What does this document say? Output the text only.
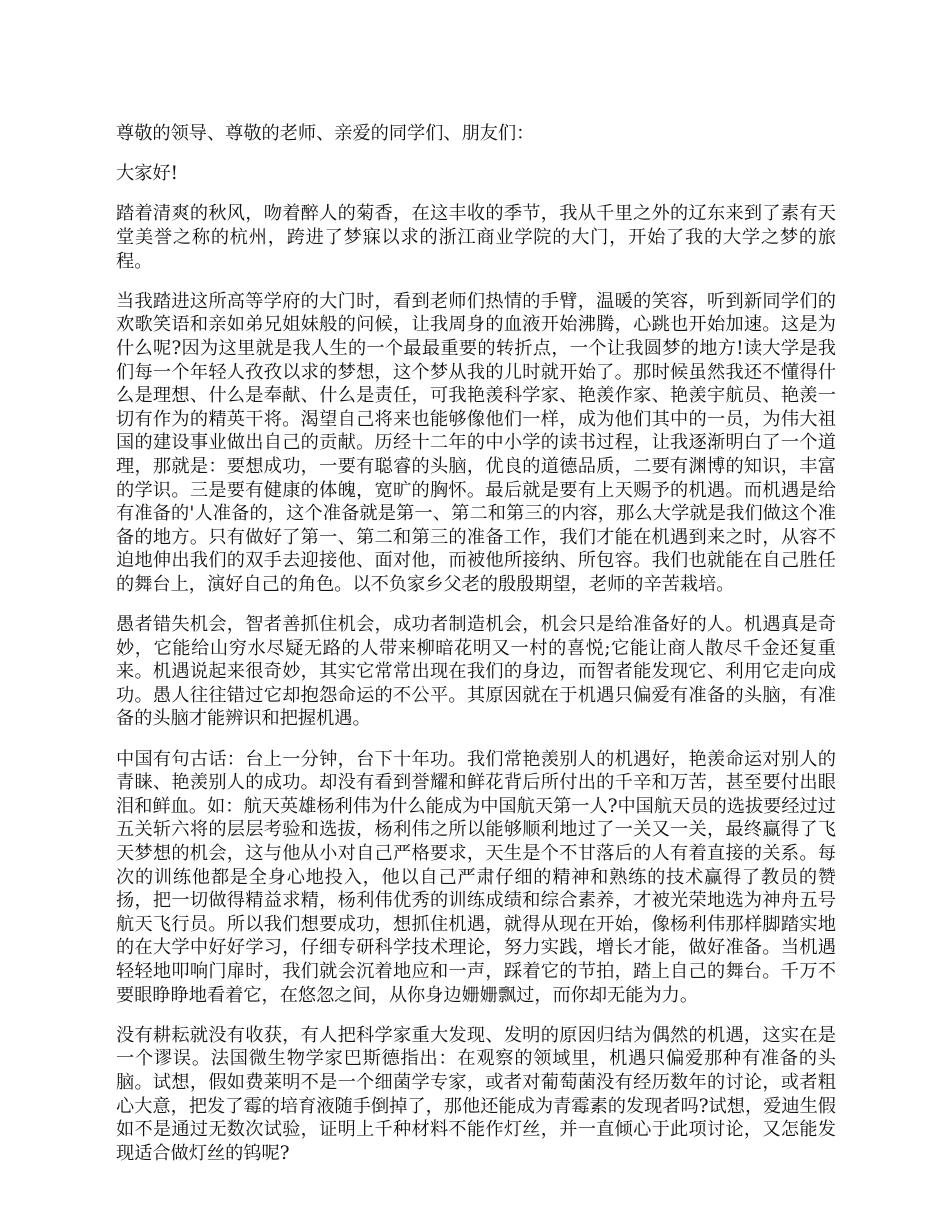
尊敬的领导、尊敬的老师、亲爱的同学们、朋友们：

大家好!

踏着清爽的秋风，吻着醉人的菊香，在这丰收的季节，我从千里之外的辽东来到了素有天堂美誉之称的杭州，跨进了梦寐以求的浙江商业学院的大门，开始了我的大学之梦的旅程。

当我踏进这所高等学府的大门时，看到老师们热情的手臂，温暖的笑容，听到新同学们的欢歌笑语和亲如弟兄姐妹般的问候，让我周身的血液开始沸腾，心跳也开始加速。这是为什么呢?因为这里就是我人生的一个最最重要的转折点，一个让我圆梦的地方!读大学是我们每一个年轻人孜孜以求的梦想，这个梦从我的儿时就开始了。那时候虽然我还不懂得什么是理想、什么是奉献、什么是责任，可我艳羡科学家、艳羡作家、艳羡宇航员、艳羡一切有作为的精英干将。渴望自己将来也能够像他们一样，成为他们其中的一员，为伟大祖国的建设事业做出自己的贡献。历经十二年的中小学的读书过程，让我逐渐明白了一个道理，那就是：要想成功，一要有聪睿的头脑，优良的道德品质，二要有渊博的知识，丰富的学识。三是要有健康的体魄，宽旷的胸怀。最后就是要有上天赐予的机遇。而机遇是给有准备的'人准备的，这个准备就是第一、第二和第三的内容，那么大学就是我们做这个准备的地方。只有做好了第一、第二和第三的准备工作，我们才能在机遇到来之时，从容不迫地伸出我们的双手去迎接他、面对他，而被他所接纳、所包容。我们也就能在自己胜任的舞台上，演好自己的角色。以不负家乡父老的殷殷期望，老师的辛苦栽培。

愚者错失机会，智者善抓住机会，成功者制造机会，机会只是给准备好的人。机遇真是奇妙，它能给山穷水尽疑无路的人带来柳暗花明又一村的喜悦;它能让商人散尽千金还复重来。机遇说起来很奇妙，其实它常常出现在我们的身边，而智者能发现它、利用它走向成功。愚人往往错过它却抱怨命运的不公平。其原因就在于机遇只偏爱有准备的头脑，有准备的头脑才能辨识和把握机遇。

中国有句古话：台上一分钟，台下十年功。我们常艳羡别人的机遇好，艳羡命运对别人的青睐、艳羡别人的成功。却没有看到誉耀和鲜花背后所付出的千辛和万苦，甚至要付出眼泪和鲜血。如：航天英雄杨利伟为什么能成为中国航天第一人?中国航天员的选拔要经过过五关斩六将的层层考验和选拔，杨利伟之所以能够顺利地过了一关又一关，最终赢得了飞天梦想的机会，这与他从小对自己严格要求，天生是个不甘落后的人有着直接的关系。每次的训练他都是全身心地投入，他以自己严肃仔细的精神和熟练的技术赢得了教员的赞扬，把一切做得精益求精，杨利伟优秀的训练成绩和综合素养，才被光荣地选为神舟五号航天飞行员。所以我们想要成功，想抓住机遇，就得从现在开始，像杨利伟那样脚踏实地的在大学中好好学习，仔细专研科学技术理论，努力实践，增长才能，做好准备。当机遇轻轻地叩响门扉时，我们就会沉着地应和一声，踩着它的节拍，踏上自己的舞台。千万不要眼睁睁地看着它，在悠忽之间，从你身边姗姗飘过，而你却无能为力。

没有耕耘就没有收获，有人把科学家重大发现、发明的原因归结为偶然的机遇，这实在是一个谬误。法国微生物学家巴斯德指出：在观察的领域里，机遇只偏爱那种有准备的头脑。试想，假如费莱明不是一个细菌学专家，或者对葡萄菌没有经历数年的讨论，或者粗心大意，把发了霉的培育液随手倒掉了，那他还能成为青霉素的发现者吗?试想，爱迪生假如不是通过无数次试验，证明上千种材料不能作灯丝，并一直倾心于此项讨论，又怎能发现适合做灯丝的钨呢?
